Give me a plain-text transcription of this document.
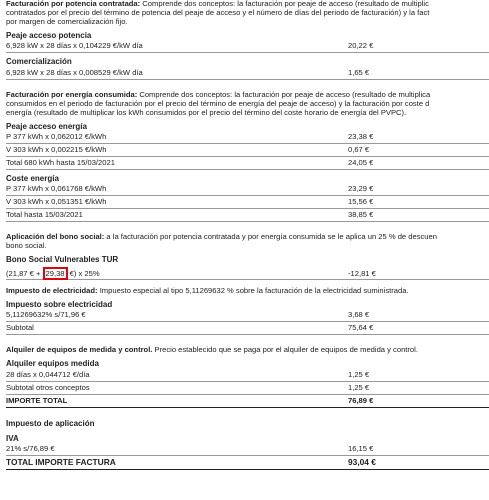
Facturación por potencia contratada: Comprende dos conceptos: la facturación por peaje de acceso (resultado de multiplic

contratados por el precio del término de potencia del peaje de acceso y el número de días del periodo de facturación) y la fact

por margen de comercialización fijo.

Peaje acceso potencia

6,928 kW x 28 días x 0,104229 €/kW día	20,22 €

Comercialización

6,928 kW x 28 días x 0,008529 €/kW día	1,65 €

Facturación por energía consumida: Comprende dos conceptos: la facturación por peaje de acceso (resultado de multiplica

consumidos en el periodo de facturación por el precio del término de energía del peaje de acceso) y la facturación por coste d

energía (resultado de multiplicar los kWh consumidos por el precio del término del coste horario de energía del PVPC).

Peaje acceso energía

P 377 kWh x 0,062012 €/kWh	23,38 €
V 303 kWh x 0,002215 €/kWh	0,67 €
Total 680 kWh hasta 15/03/2021	24,05 €

Coste energía

P 377 kWh x 0,061768 €/kWh	23,29 €
V 303 kWh x 0,051351 €/kWh	15,56 €
Total hasta 15/03/2021	38,85 €

Aplicación del bono social: a la facturación por potencia contratada y por energía consumida se le aplica un 25 % de descuen

bono social.

Bono Social Vulnerables TUR

(21,87 € + 29,38 €) x 25%	-12,81 €

Impuesto de electricidad: Impuesto especial al tipo 5,11269632 % sobre la facturación de la electricidad suministrada.

Impuesto sobre electricidad

5,11269632% s/71,96 €	3,68 €
Subtotal	75,64 €

Alquiler de equipos de medida y control. Precio establecido que se paga por el alquiler de equipos de medida y control.

Alquiler equipos medida

28 días x 0,044712 €/día	1,25 €
Subtotal otros conceptos	1,25 €
IMPORTE TOTAL	76,89 €

Impuesto de aplicación

IVA

21% s/76,89 €	16,15 €
TOTAL IMPORTE FACTURA	93,04 €
